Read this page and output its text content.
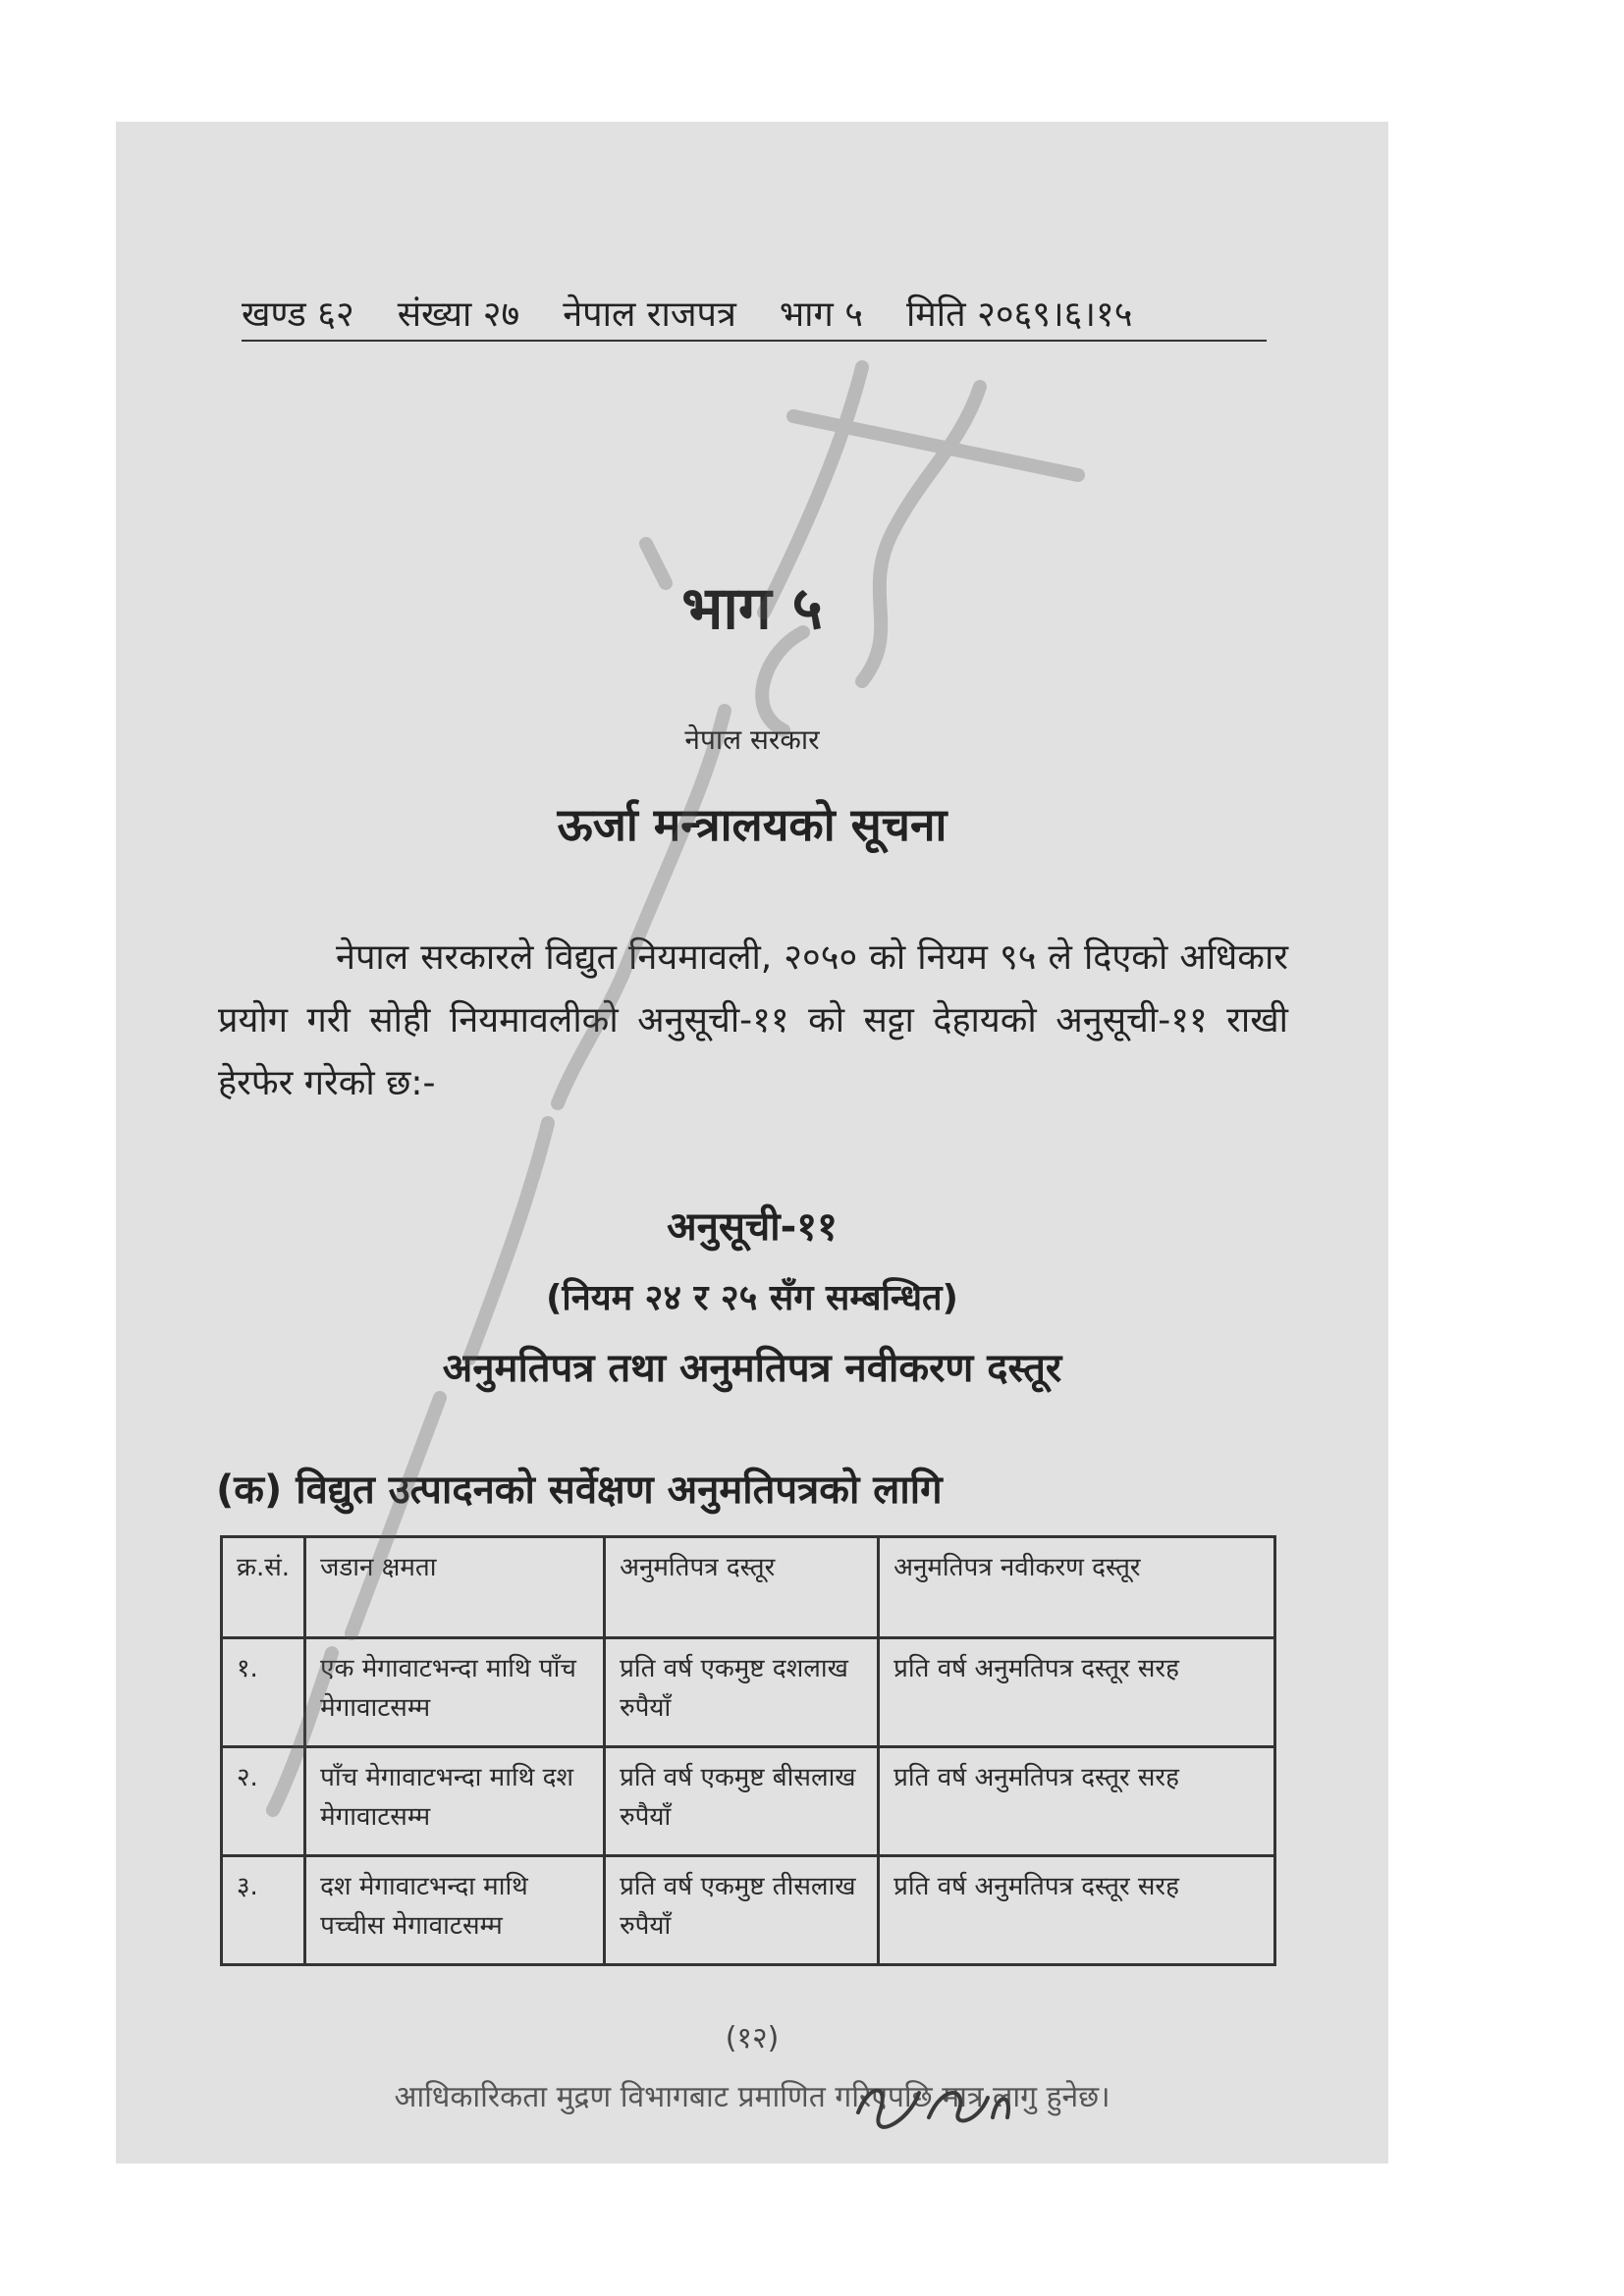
खण्ड ६२ संख्या २७ नेपाल राजपत्र भाग ५ मिति २०६९।६।१५
भाग ५
नेपाल सरकार
ऊर्जा मन्त्रालयको सूचना

नेपाल सरकारले विद्युत नियमावली, २०५० को नियम ९५ ले दिएको अधिकार प्रयोग गरी सोही नियमावलीको अनुसूची-११ को सट्टा देहायको अनुसूची-११ राखी हेरफेर गरेको छ:-

अनुसूची-११
(नियम २४ र २५ सँग सम्बन्धित)
अनुमतिपत्र तथा अनुमतिपत्र नवीकरण दस्तूर
(क) विद्युत उत्पादनको सर्वेक्षण अनुमतिपत्रको लागि
क्र.सं.	जडान क्षमता	अनुमतिपत्र दस्तूर	अनुमतिपत्र नवीकरण दस्तूर
१.	एक मेगावाटभन्दा माथि पाँच मेगावाटसम्म	प्रति वर्ष एकमुष्ट दशलाख रुपैयाँ	प्रति वर्ष अनुमतिपत्र दस्तूर सरह
२.	पाँच मेगावाटभन्दा माथि दश मेगावाटसम्म	प्रति वर्ष एकमुष्ट बीसलाख रुपैयाँ	प्रति वर्ष अनुमतिपत्र दस्तूर सरह
३.	दश मेगावाटभन्दा माथि पच्चीस मेगावाटसम्म	प्रति वर्ष एकमुष्ट तीसलाख रुपैयाँ	प्रति वर्ष अनुमतिपत्र दस्तूर सरह
(१२)
आधिकारिकता मुद्रण विभागबाट प्रमाणित गरिएपछि मात्र लागु हुनेछ।
